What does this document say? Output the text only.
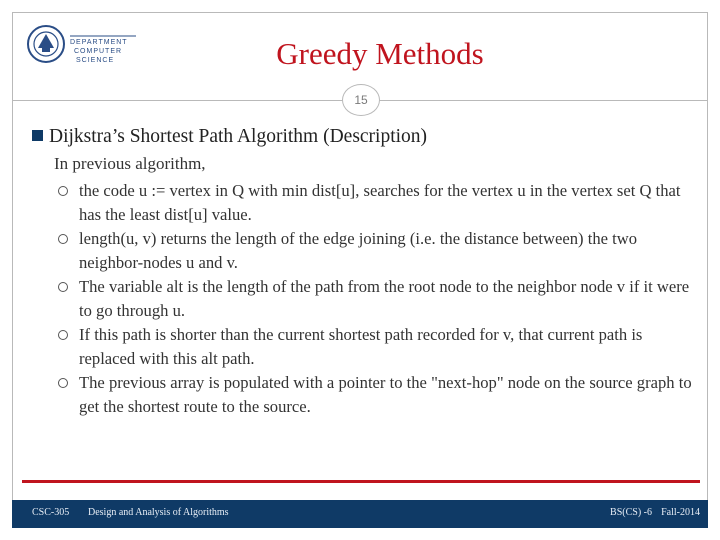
DEPARTMENT
COMPUTER
SCIENCE	Greedy Methods
15
Dijkstra’s Shortest Path Algorithm (Description)
In previous algorithm,
the code u := vertex in Q with min dist[u], searches for the vertex u in the vertex set Q that has the least dist[u] value.
length(u, v) returns the length of the edge joining (i.e. the distance between) the two neighbor-nodes u and v.
The variable alt is the length of the path from the root node to the neighbor node v if it were to go through u.
If this path is shorter than the current shortest path recorded for v, that current path is replaced with this alt path.
The previous array is populated with a pointer to the "next-hop" node on the source graph to get the shortest route to the source.
CSC-305 Design and Analysis of Algorithms	BS(CS) -6 Fall-2014
